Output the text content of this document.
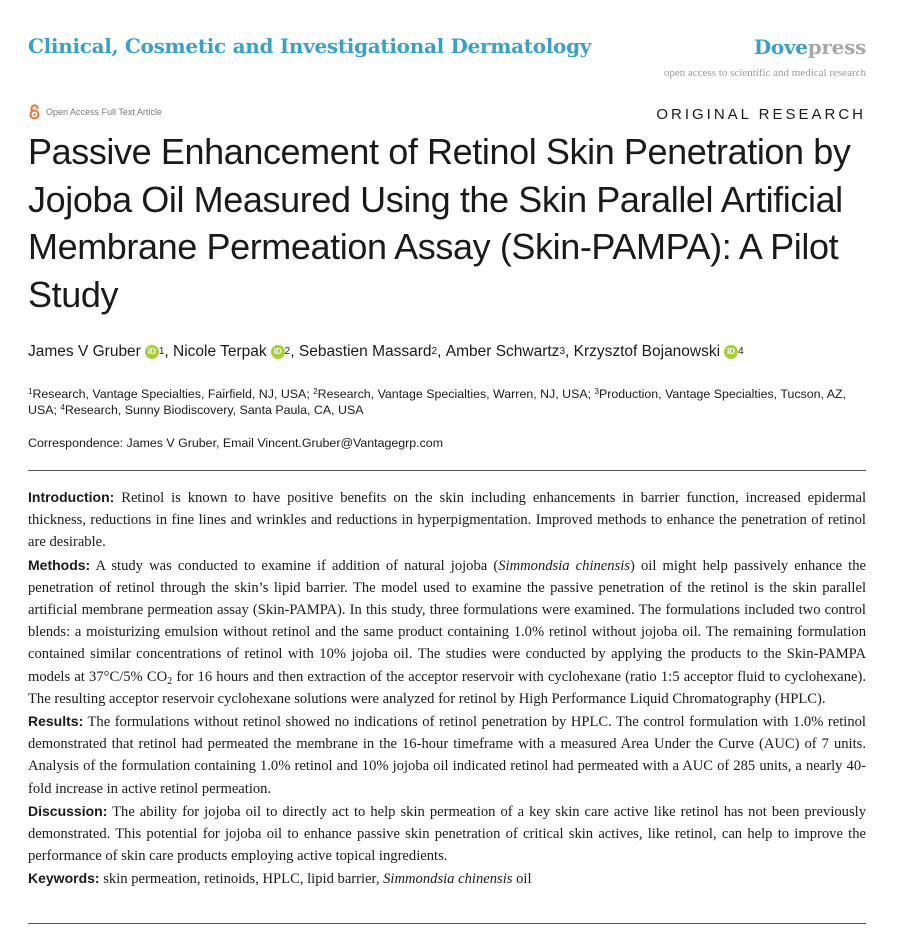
Clinical, Cosmetic and Investigational Dermatology	Dovepress
open access to scientific and medical research
Open Access Full Text Article	ORIGINAL RESEARCH
Passive Enhancement of Retinol Skin Penetration by Jojoba Oil Measured Using the Skin Parallel Artificial Membrane Permeation Assay (Skin-PAMPA): A Pilot Study
James V Gruber iD 1 , Nicole Terpak iD 2 , Sebastien Massard 2 , Amber Schwartz 3 , Krzysztof Bojanowski iD 4
$^1$Research, Vantage Specialties, Fairfield, NJ, USA; $^2$Research, Vantage Specialties, Warren, NJ, USA; $^3$Production, Vantage Specialties, Tucson, AZ, USA; $^4$Research, Sunny Biodiscovery, Santa Paula, CA, USA
Correspondence: James V Gruber, Email Vincent.Gruber@Vantagegrp.com

Introduction: Retinol is known to have positive benefits on the skin including enhancements in barrier function, increased epidermal thickness, reductions in fine lines and wrinkles and reductions in hyperpigmentation. Improved methods to enhance the penetration of retinol are desirable.

Methods: A study was conducted to examine if addition of natural jojoba (Simmondsia chinensis) oil might help passively enhance the penetration of retinol through the skin’s lipid barrier. The model used to examine the passive penetration of the retinol is the skin parallel artificial membrane permeation assay (Skin-PAMPA). In this study, three formulations were examined. The formulations included two control blends: a moisturizing emulsion without retinol and the same product containing 1.0% retinol without jojoba oil. The remaining formulation contained similar concentrations of retinol with 10% jojoba oil. The studies were conducted by applying the products to the Skin-PAMPA models at 37°C/5% $CO_2$ for 16 hours and then extraction of the acceptor reservoir with cyclohexane (ratio 1:5 acceptor fluid to cyclohexane). The resulting acceptor reservoir cyclohexane solutions were analyzed for retinol by High Performance Liquid Chromatography (HPLC).

Results: The formulations without retinol showed no indications of retinol penetration by HPLC. The control formulation with 1.0% retinol demonstrated that retinol had permeated the membrane in the 16-hour timeframe with a measured Area Under the Curve (AUC) of 7 units. Analysis of the formulation containing 1.0% retinol and 10% jojoba oil indicated retinol had permeated with a AUC of 285 units, a nearly 40-fold increase in active retinol permeation.

Discussion: The ability for jojoba oil to directly act to help skin permeation of a key skin care active like retinol has not been previously demonstrated. This potential for jojoba oil to enhance passive skin penetration of critical skin actives, like retinol, can help to improve the performance of skin care products employing active topical ingredients.

Keywords: skin permeation, retinoids, HPLC, lipid barrier, Simmondsia chinensis oil
